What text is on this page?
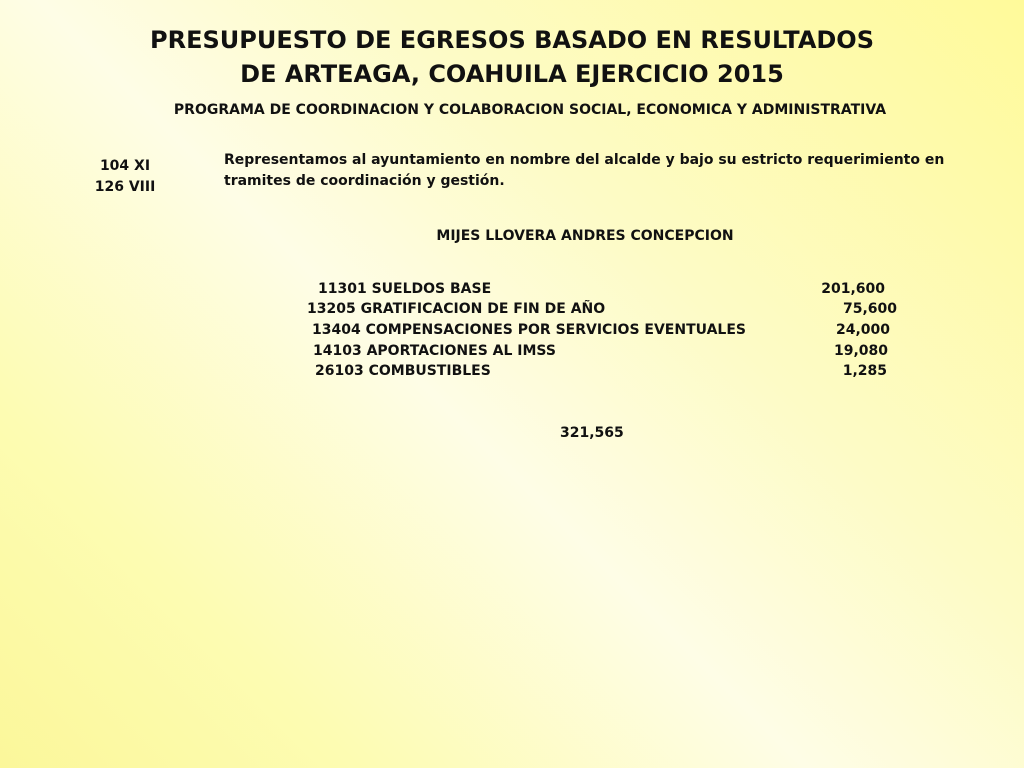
PRESUPUESTO DE EGRESOS BASADO EN RESULTADOS
DE ARTEAGA, COAHUILA EJERCICIO 2015
PROGRAMA DE COORDINACION Y COLABORACION SOCIAL, ECONOMICA Y ADMINISTRATIVA
104 XI
126 VIII
Representamos al ayuntamiento en nombre del alcalde y bajo su estricto requerimiento en tramites de coordinación y gestión.
MIJES LLOVERA ANDRES CONCEPCION
11301 SUELDOS BASE	201,600
13205 GRATIFICACION DE FIN DE AÑO	75,600
13404 COMPENSACIONES POR SERVICIOS EVENTUALES	24,000
14103 APORTACIONES AL IMSS	19,080
26103 COMBUSTIBLES	1,285
321,565
